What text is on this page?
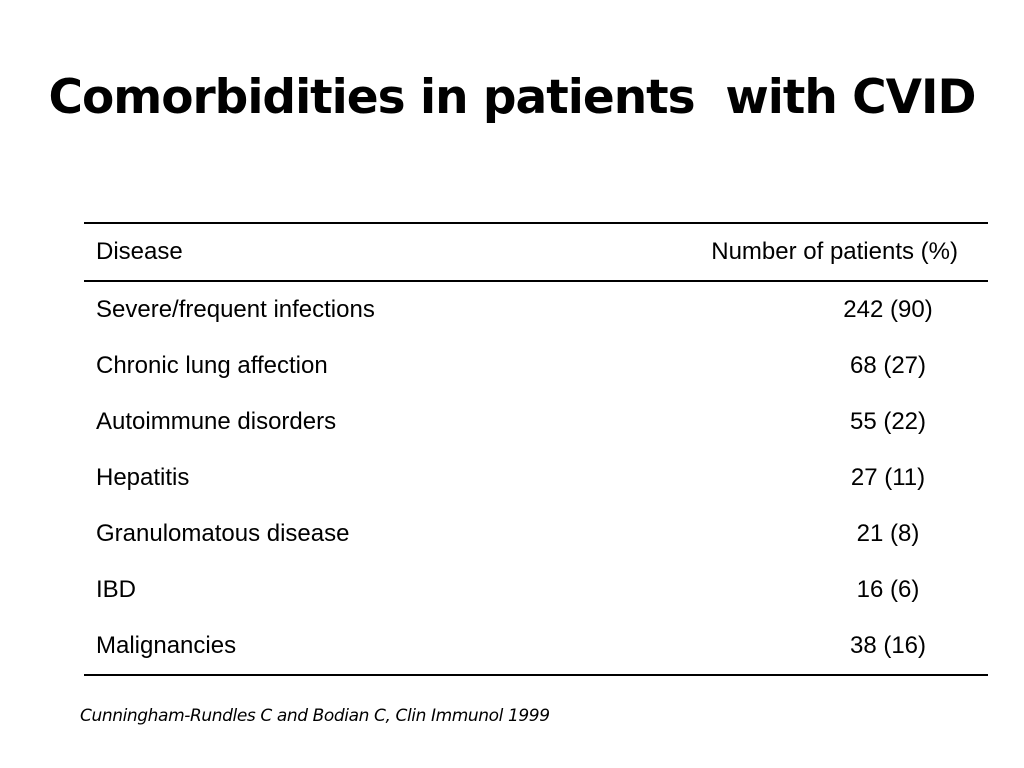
Comorbidities in patients  with CVID
Disease	Number of patients (%)
Severe/frequent infections	242 (90)
Chronic lung affection	68 (27)
Autoimmune disorders	55 (22)
Hepatitis	27 (11)
Granulomatous disease	21 (8)
IBD	16 (6)
Malignancies	38 (16)
Cunningham-Rundles C and Bodian C, Clin Immunol 1999
